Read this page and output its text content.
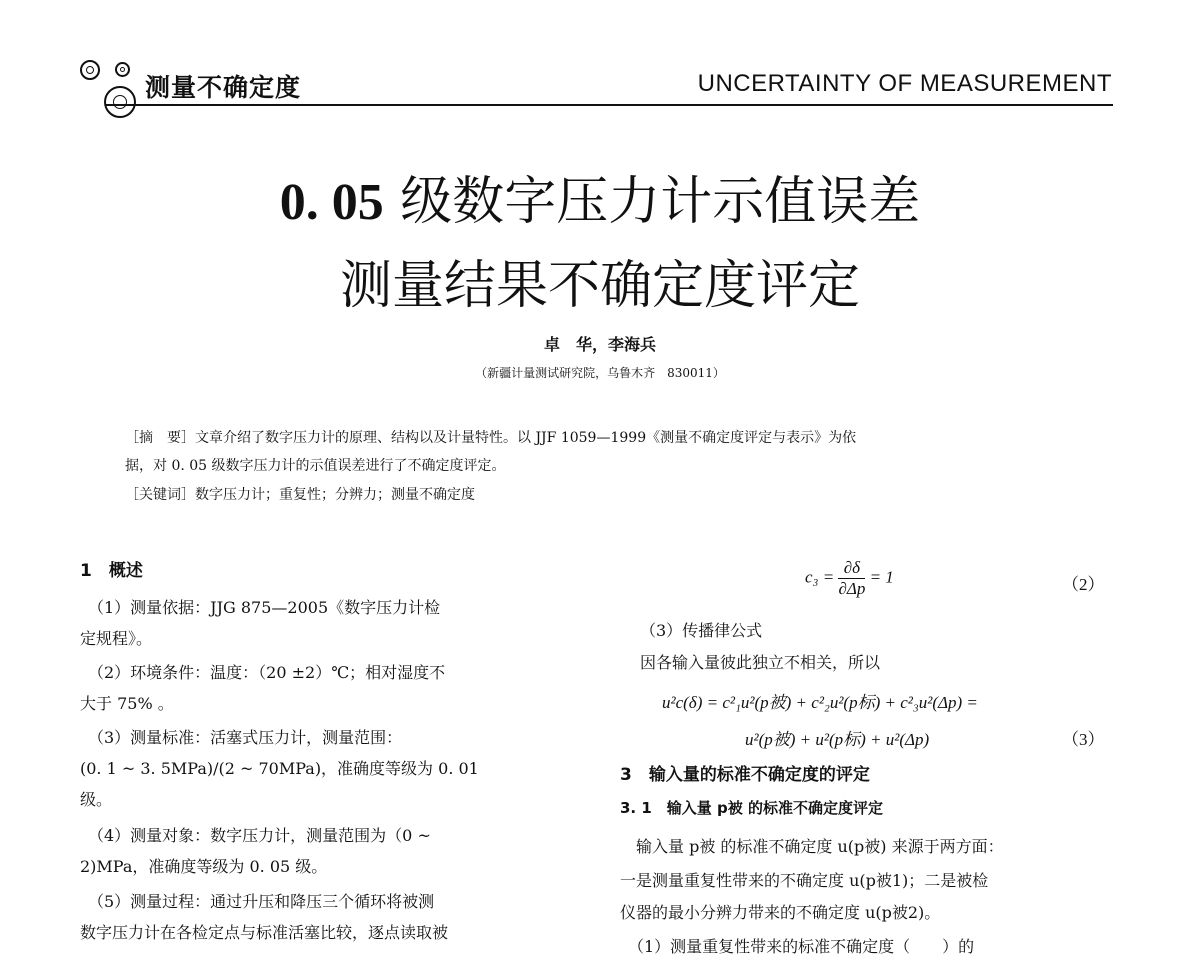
测量不确定度	UNCERTAINTY OF MEASUREMENT
0. 05 级数字压力计示值误差
测量结果不确定度评定
卓　华，李海兵
（新疆计量测试研究院，乌鲁木齐　830011）
［摘　要］文章介绍了数字压力计的原理、结构以及计量特性。以 JJF 1059—1999《测量不确定度评定与表示》为依
据，对 0. 05 级数字压力计的示值误差进行了不确定度评定。
［关键词］数字压力计；重复性；分辨力；测量不确定度
1　概述
　（1）测量依据：JJG 875—2005《数字压力计检
定规程》。
　（2）环境条件：温度：（20 ±2）℃；相对湿度不
大于 75% 。
　（3）测量标准：活塞式压力计，测量范围：
(0. 1 ~ 3. 5MPa)/(2 ~ 70MPa)，准确度等级为 0. 01
级。
　（4）测量对象：数字压力计，测量范围为（0 ~
2)MPa，准确度等级为 0. 05 级。
　（5）测量过程：通过升压和降压三个循环将被测
数字压力计在各检定点与标准活塞比较，逐点读取被
$c_3 = \frac{\partial\delta}{\partial\Delta p} = 1$	（2）
（3）传播律公式
因各输入量彼此独立不相关，所以
u²c(δ) = c²₁u²(p被) + c²₂u²(p标) + c²₃u²(Δp) =
u²(p被) + u²(p标) + u²(Δp)	（3）
3　输入量的标准不确定度的评定
3. 1　输入量 p被 的标准不确定度评定
　输入量 p被 的标准不确定度 u(p被) 来源于两方面：
一是测量重复性带来的不确定度 u(p被1)；二是被检
仪器的最小分辨力带来的不确定度 u(p被2)。
　（1）测量重复性带来的标准不确定度（　　）的
